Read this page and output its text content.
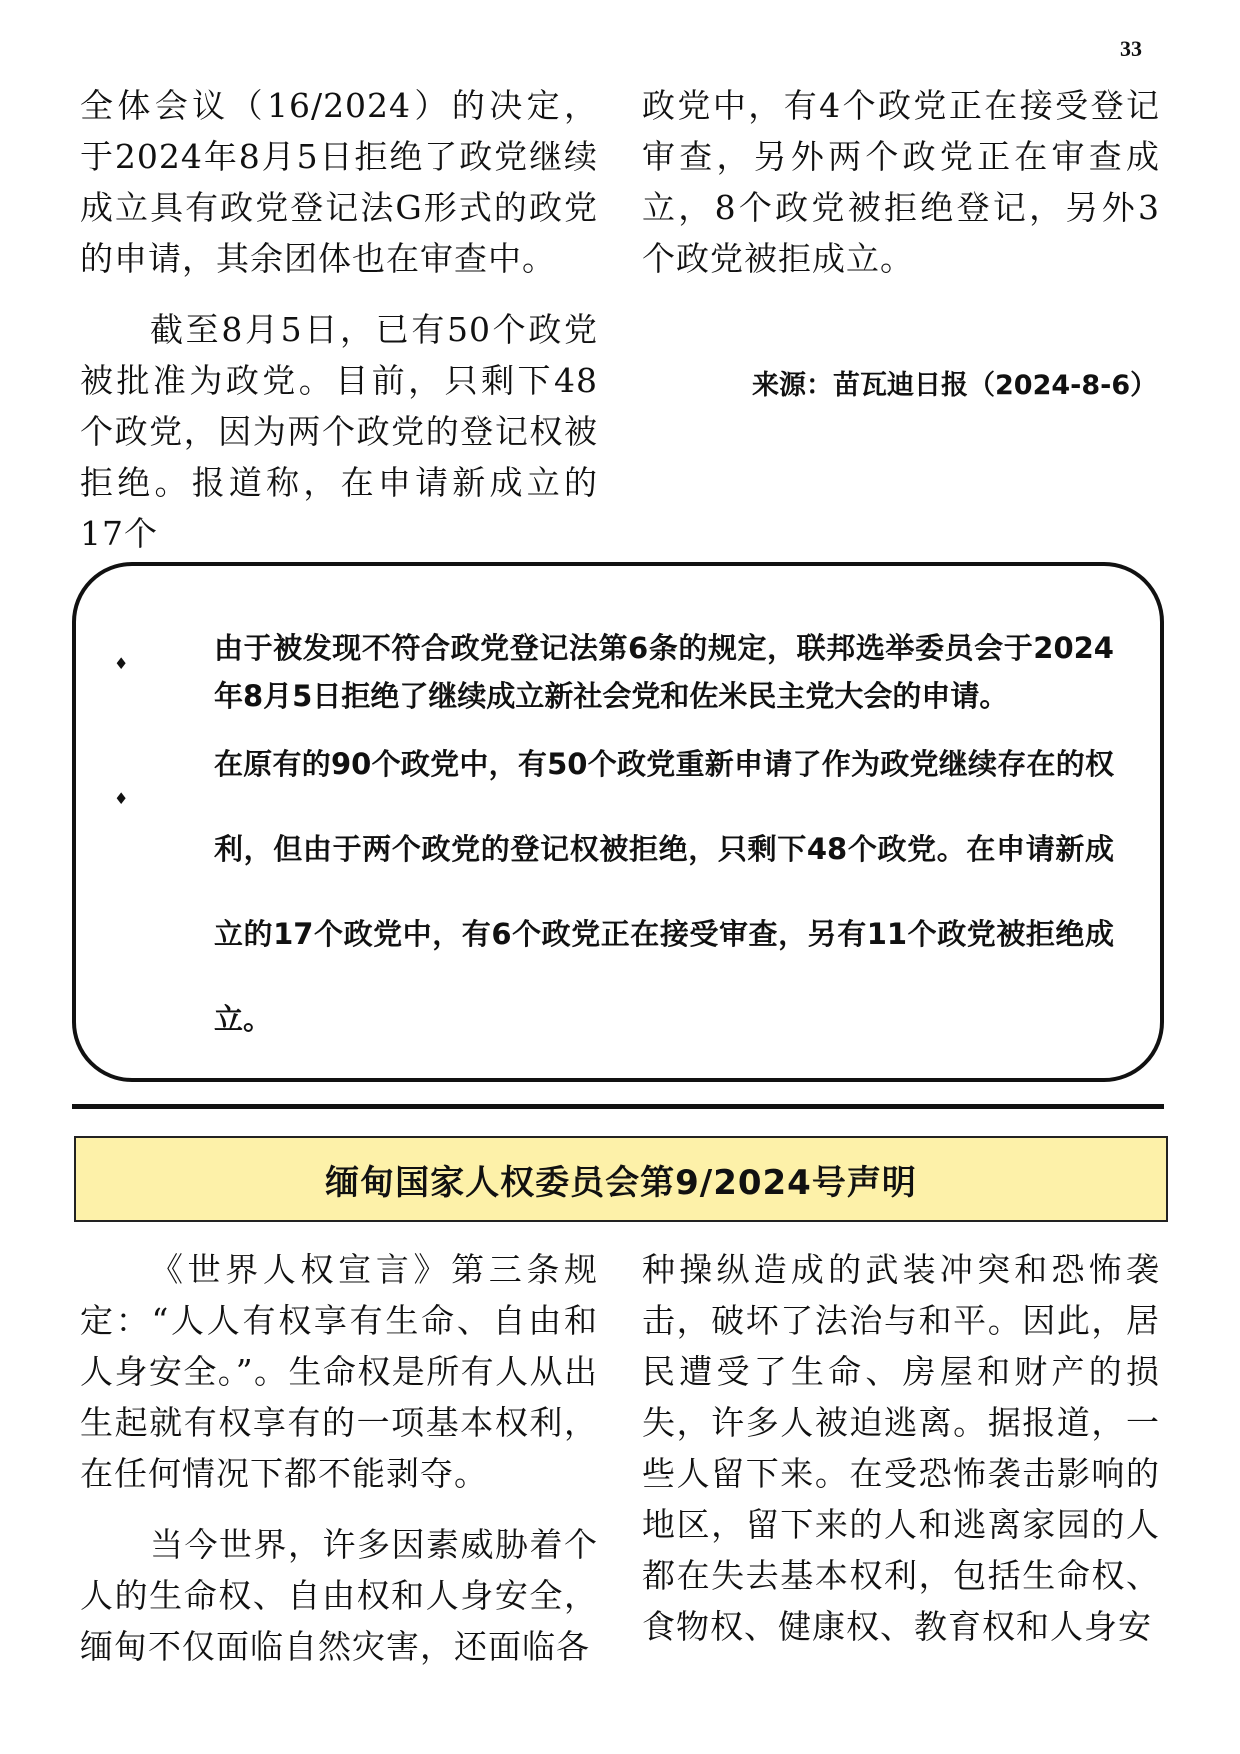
33

全体会议（16/2024）的决定，于2024年8月5日拒绝了政党继续成立具有政党登记法G形式的政党的申请，其余团体也在审查中。

截至8月5日，已有50个政党被批准为政党。目前，只剩下48个政党，因为两个政党的登记权被拒绝。报道称，在申请新成立的17个

政党中，有4个政党正在接受登记审查，另外两个政党正在审查成立，8个政党被拒绝登记，另外3个政党被拒成立。

来源：苗瓦迪日报（2024-8-6）
♦	由于被发现不符合政党登记法第6条的规定，联邦选举委员会于2024年8月5日拒绝了继续成立新社会党和佐米民主党大会的申请。
♦
在原有的90个政党中，有50个政党重新申请了作为政党继续存在的权利，但由于两个政党的登记权被拒绝，只剩下48个政党。在申请新成立的17个政党中，有6个政党正在接受审查，另有11个政党被拒绝成立。
缅甸国家人权委员会第9/2024号声明

《世界人权宣言》第三条规定：“人人有权享有生命、自由和人身安全。”。生命权是所有人从出生起就有权享有的一项基本权利，在任何情况下都不能剥夺。

当今世界，许多因素威胁着个人的生命权、自由权和人身安全，缅甸不仅面临自然灾害，还面临各

种操纵造成的武装冲突和恐怖袭击，破坏了法治与和平。因此，居民遭受了生命、房屋和财产的损失，许多人被迫逃离。据报道，一些人留下来。在受恐怖袭击影响的地区，留下来的人和逃离家园的人都在失去基本权利，包括生命权、食物权、健康权、教育权和人身安
